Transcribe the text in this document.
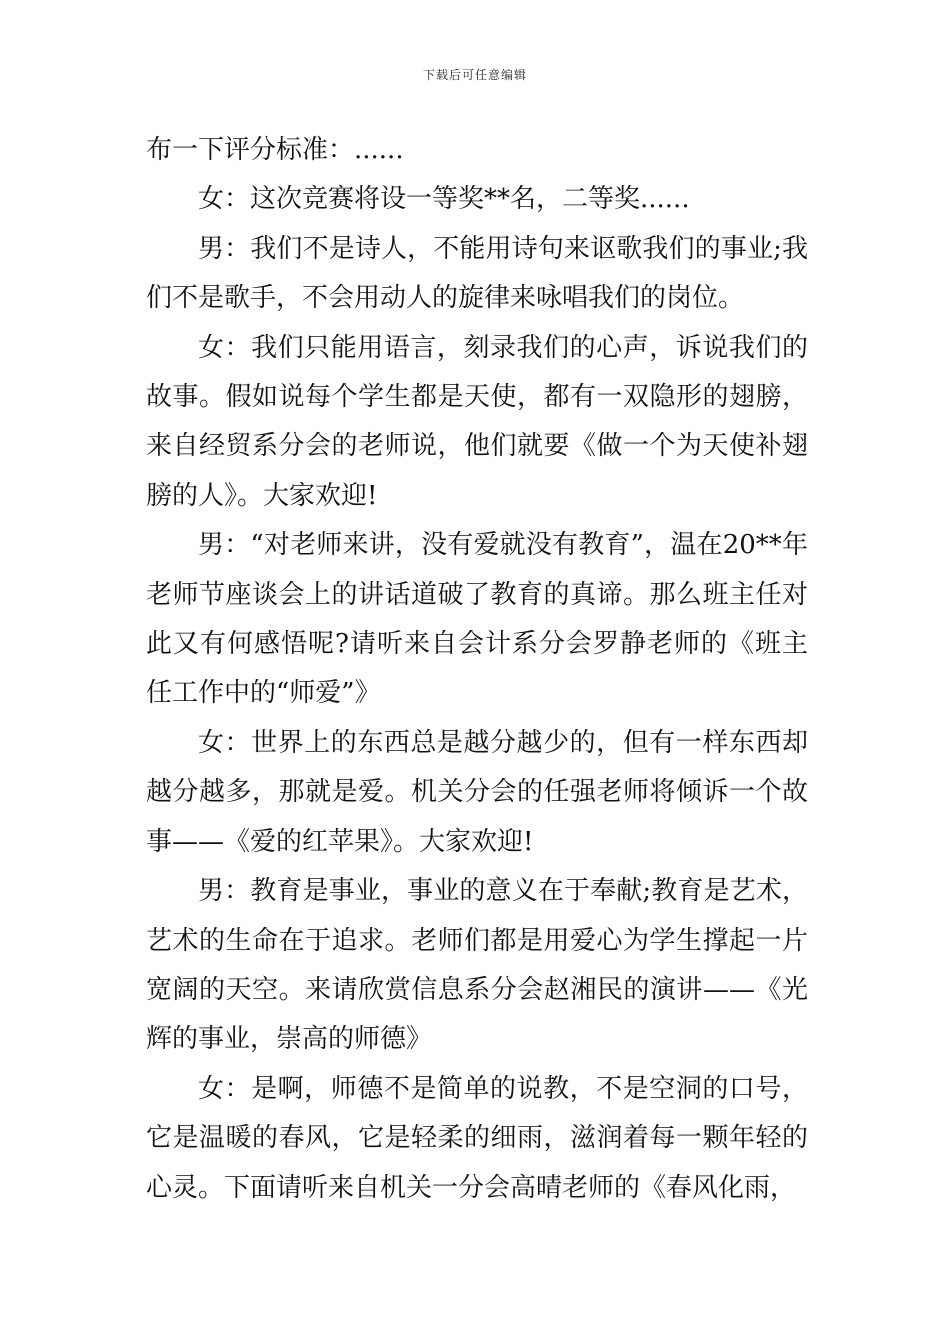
下载后可任意编辑

布一下评分标准：......

女：这次竞赛将设一等奖**名，二等奖......

男：我们不是诗人，不能用诗句来讴歌我们的事业;我们不是歌手，不会用动人的旋律来咏唱我们的岗位。

女：我们只能用语言，刻录我们的心声，诉说我们的故事。假如说每个学生都是天使，都有一双隐形的翅膀，来自经贸系分会的老师说，他们就要《做一个为天使补翅膀的人》。大家欢迎!

男：“对老师来讲，没有爱就没有教育”，温在20**年老师节座谈会上的讲话道破了教育的真谛。那么班主任对此又有何感悟呢?请听来自会计系分会罗静老师的《班主任工作中的“师爱”》

女：世界上的东西总是越分越少的，但有一样东西却越分越多，那就是爱。机关分会的任强老师将倾诉一个故事——《爱的红苹果》。大家欢迎!

男：教育是事业，事业的意义在于奉献;教育是艺术，艺术的生命在于追求。老师们都是用爱心为学生撑起一片宽阔的天空。来请欣赏信息系分会赵湘民的演讲——《光辉的事业，崇高的师德》

女：是啊，师德不是简单的说教，不是空洞的口号，它是温暖的春风，它是轻柔的细雨，滋润着每一颗年轻的心灵。下面请听来自机关一分会高晴老师的《春风化雨，
